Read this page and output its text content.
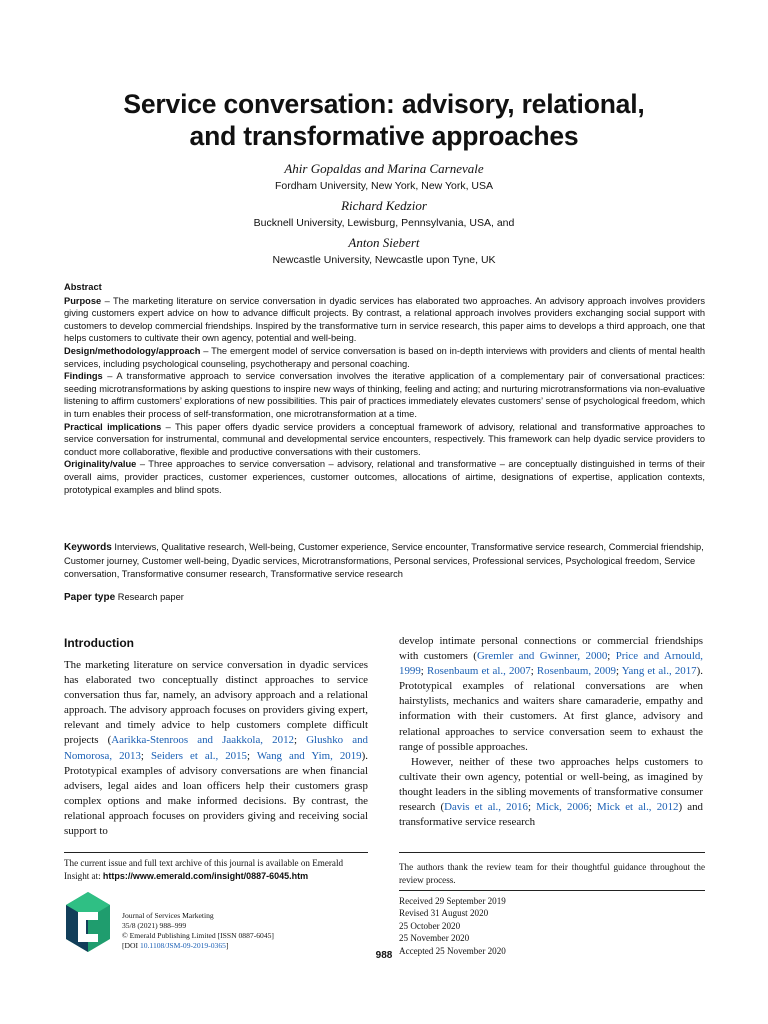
Service conversation: advisory, relational,
and transformative approaches
Ahir Gopaldas and Marina Carnevale
Fordham University, New York, New York, USA
Richard Kedzior
Bucknell University, Lewisburg, Pennsylvania, USA, and
Anton Siebert
Newcastle University, Newcastle upon Tyne, UK
Abstract

Purpose – The marketing literature on service conversation in dyadic services has elaborated two approaches. An advisory approach involves providers giving customers expert advice on how to advance difficult projects. By contrast, a relational approach involves providers exchanging social support with customers to develop commercial friendships. Inspired by the transformative turn in service research, this paper aims to develops a third approach, one that helps customers to cultivate their own agency, potential and well-being.

Design/methodology/approach – The emergent model of service conversation is based on in-depth interviews with providers and clients of mental health services, including psychological counseling, psychotherapy and personal coaching.

Findings – A transformative approach to service conversation involves the iterative application of a complementary pair of conversational practices: seeding microtransformations by asking questions to inspire new ways of thinking, feeling and acting; and nurturing microtransformations via non-evaluative listening to affirm customers’ explorations of new possibilities. This pair of practices immediately elevates customers’ sense of psychological freedom, which in turn enables their process of self-transformation, one microtransformation at a time.

Practical implications – This paper offers dyadic service providers a conceptual framework of advisory, relational and transformative approaches to service conversation for instrumental, communal and developmental service encounters, respectively. This framework can help dyadic service providers to conduct more collaborative, flexible and productive conversations with their customers.

Originality/value – Three approaches to service conversation – advisory, relational and transformative – are conceptually distinguished in terms of their overall aims, provider practices, customer experiences, customer outcomes, allocations of airtime, designations of expertise, application contexts, prototypical examples and blind spots.

Keywords Interviews, Qualitative research, Well-being, Customer experience, Service encounter, Transformative service research, Commercial friendship, Customer journey, Customer well-being, Dyadic services, Microtransformations, Personal services, Professional services, Psychological freedom, Service conversation, Transformative consumer research, Transformative service research
Paper type Research paper
Introduction

The marketing literature on service conversation in dyadic services has elaborated two conceptually distinct approaches to service conversation thus far, namely, an advisory approach and a relational approach. The advisory approach focuses on providers giving expert, relevant and timely advice to help customers complete difficult projects (Aarikka-Stenroos and Jaakkola, 2012; Glushko and Nomorosa, 2013; Seiders et al., 2015; Wang and Yim, 2019). Prototypical examples of advisory conversations are when financial advisers, legal aides and loan officers help their customers grasp complex options and make informed decisions. By contrast, the relational approach focuses on providers giving and receiving social support to

develop intimate personal connections or commercial friendships with customers (Gremler and Gwinner, 2000; Price and Arnould, 1999; Rosenbaum et al., 2007; Rosenbaum, 2009; Yang et al., 2017). Prototypical examples of relational conversations are when hairstylists, mechanics and waiters share camaraderie, empathy and information with their customers. At first glance, advisory and relational approaches to service conversation seem to exhaust the range of possible approaches.

However, neither of these two approaches helps customers to cultivate their own agency, potential or well-being, as imagined by thought leaders in the sibling movements of transformative consumer research (Davis et al., 2016; Mick, 2006; Mick et al., 2012) and transformative service research

The current issue and full text archive of this journal is available on Emerald Insight at: https://www.emerald.com/insight/0887-6045.htm
Journal of Services Marketing
35/8 (2021) 988–999
© Emerald Publishing Limited [ISSN 0887-6045]
[DOI 10.1108/JSM-09-2019-0365]
The authors thank the review team for their thoughtful guidance throughout the review process.
Received 29 September 2019
Revised 31 August 2020
25 October 2020
25 November 2020
Accepted 25 November 2020
988
